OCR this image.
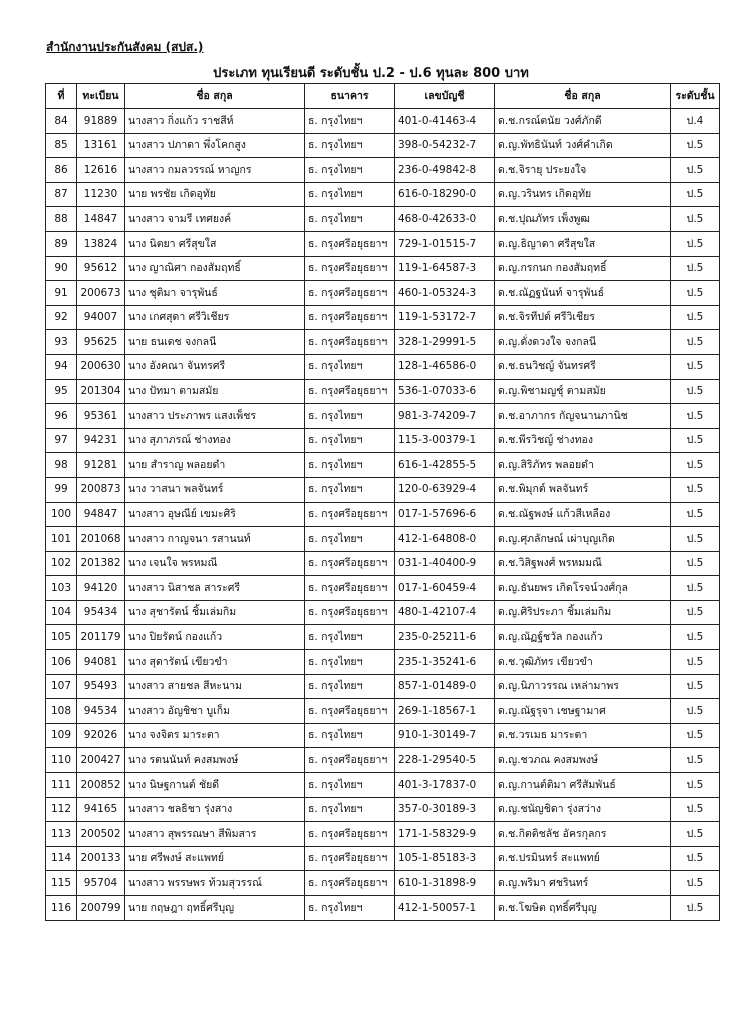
สำนักงานประกันสังคม (สปส.)
ประเภท ทุนเรียนดี ระดับชั้น ป.2 - ป.6 ทุนละ 800 บาท
ที่	ทะเบียน	ชื่อ สกุล	ธนาคาร	เลขบัญชี	ชื่อ สกุล	ระดับชั้น
84	91889	นางสาว กิ่งแก้ว ราชสีห์	ธ. กรุงไทยฯ	401-0-41463-4	ด.ช.กรณ์ตนัย วงศ์ภักดี	ป.4
85	13161	นางสาว ปภาดา พึ่งโคกสูง	ธ. กรุงไทยฯ	398-0-54232-7	ด.ญ.พัทธินันท์ วงศ์คำเกิด	ป.5
86	12616	นางสาว กมลวรรณ์ หาญกร	ธ. กรุงไทยฯ	236-0-49842-8	ด.ช.จิรายุ ประยงใจ	ป.5
87	11230	นาย พรชัย เกิดอุทัย	ธ. กรุงไทยฯ	616-0-18290-0	ด.ญ.วรินทร เกิดอุทัย	ป.5
88	14847	นางสาว จามรี เทศยงค์	ธ. กรุงไทยฯ	468-0-42633-0	ด.ช.ปุณภัทร เพ็งพูฒ	ป.5
89	13824	นาง นิตยา ศรีสุขใส	ธ. กรุงศรีอยุธยาฯ	729-1-01515-7	ด.ญ.ธิญาดา ศรีสุขใส	ป.5
90	95612	นาง ญาณิศา กองสัมฤทธิ์	ธ. กรุงศรีอยุธยาฯ	119-1-64587-3	ด.ญ.กรกนก กองสัมฤทธิ์	ป.5
91	200673	นาง ชุติมา จารุพันธ์	ธ. กรุงศรีอยุธยาฯ	460-1-05324-3	ด.ช.ณัฏฐนันท์ จารุพันธ์	ป.5
92	94007	นาง เกศสุดา ศรีวิเชียร	ธ. กรุงศรีอยุธยาฯ	119-1-53172-7	ด.ช.จิรทีปต์ ศรีวิเชียร	ป.5
93	95625	นาย ธนเดช จงกลนี	ธ. กรุงศรีอยุธยาฯ	328-1-29991-5	ด.ญ.ดั่งดวงใจ จงกลนี	ป.5
94	200630	นาง อังคณา จันทรศรี	ธ. กรุงไทยฯ	128-1-46586-0	ด.ช.ธนวิชญ์ จันทรศรี	ป.5
95	201304	นาง ปัทมา ตามสมัย	ธ. กรุงศรีอยุธยาฯ	536-1-07033-6	ด.ญ.พิชามญชุ์ ตามสมัย	ป.5
96	95361	นางสาว ประภาพร แสงเพ็ชร	ธ. กรุงไทยฯ	981-3-74209-7	ด.ช.อาภากร กัญจนานภานิช	ป.5
97	94231	นาง สุภาภรณ์ ช่างทอง	ธ. กรุงไทยฯ	115-3-00379-1	ด.ช.พีรวิชญ์ ช่างทอง	ป.5
98	91281	นาย สำราญ พลอยดำ	ธ. กรุงไทยฯ	616-1-42855-5	ด.ญ.สิริภัทร พลอยดำ	ป.5
99	200873	นาง วาสนา พลจันทร์	ธ. กรุงไทยฯ	120-0-63929-4	ด.ช.พิมุกต์ พลจันทร์	ป.5
100	94847	นางสาว อุษณีย์ เขมะศิริ	ธ. กรุงศรีอยุธยาฯ	017-1-57696-6	ด.ช.ณัฐพงษ์ แก้วสีเหลือง	ป.5
101	201068	นางสาว กาญจนา รสานนท์	ธ. กรุงไทยฯ	412-1-64808-0	ด.ญ.ศุภลักษณ์ เผ่าบุญเกิด	ป.5
102	201382	นาง เจนใจ พรหมณี	ธ. กรุงศรีอยุธยาฯ	031-1-40400-9	ด.ช.วิสิฐพงศ์ พรหมมณี	ป.5
103	94120	นางสาว นิสาชล สาระศรี	ธ. กรุงศรีอยุธยาฯ	017-1-60459-4	ด.ญ.ธันยพร เกิดโรจน์วงศ์กุล	ป.5
104	95434	นาง สุชารัตน์ ชิ้มเล่มกิม	ธ. กรุงศรีอยุธยาฯ	480-1-42107-4	ด.ญ.ศิริประภา ชิ้มเล่มกิม	ป.5
105	201179	นาง ปิยรัตน์ กองแก้ว	ธ. กรุงไทยฯ	235-0-25211-6	ด.ญ.ณัฏฐ์ชวัล กองแก้ว	ป.5
106	94081	นาง สุดารัตน์ เขียวขำ	ธ. กรุงไทยฯ	235-1-35241-6	ด.ช.วุฒิภัทร เขียวขำ	ป.5
107	95493	นางสาว สายชล สีหะนาม	ธ. กรุงไทยฯ	857-1-01489-0	ด.ญ.นิภาวรรณ เหล่ามาพร	ป.5
108	94534	นางสาว อัญชิชา บูเก็ม	ธ. กรุงศรีอยุธยาฯ	269-1-18567-1	ด.ญ.ณัฐรุจา เชษฐามาศ	ป.5
109	92026	นาง จงจิตร มาระตา	ธ. กรุงไทยฯ	910-1-30149-7	ด.ช.วรเมธ มาระตา	ป.5
110	200427	นาง รตนนันท์ คงสมพงษ์	ธ. กรุงศรีอยุธยาฯ	228-1-29540-5	ด.ญ.ชวภณ คงสมพงษ์	ป.5
111	200852	นาง นิษฐกานต์ ชัยดี	ธ. กรุงไทยฯ	401-3-17837-0	ด.ญ.กานต์ติมา ศรีสัมพันธ์	ป.5
112	94165	นางสาว ชลธิชา รุ่งสาง	ธ. กรุงไทยฯ	357-0-30189-3	ด.ญ.ชนัญชิดา รุ่งสว่าง	ป.5
113	200502	นางสาว สุพรรณษา สีพิมสาร	ธ. กรุงศรีอยุธยาฯ	171-1-58329-9	ด.ช.กิตติชลัช อัครกุลกร	ป.5
114	200133	นาย ศรีพงษ์ สะแพทย์	ธ. กรุงศรีอยุธยาฯ	105-1-85183-3	ด.ช.ปรมินทร์ สะแพทย์	ป.5
115	95704	นางสาว พรรษพร ท้วมสุวรรณ์	ธ. กรุงศรีอยุธยาฯ	610-1-31898-9	ด.ญ.พริมา ศชรินทร์	ป.5
116	200799	นาย กฤษฎา ฤทธิ์ศรีบุญ	ธ. กรุงไทยฯ	412-1-50057-1	ด.ช.โฆษิต ฤทธิ์ศรีบุญ	ป.5
